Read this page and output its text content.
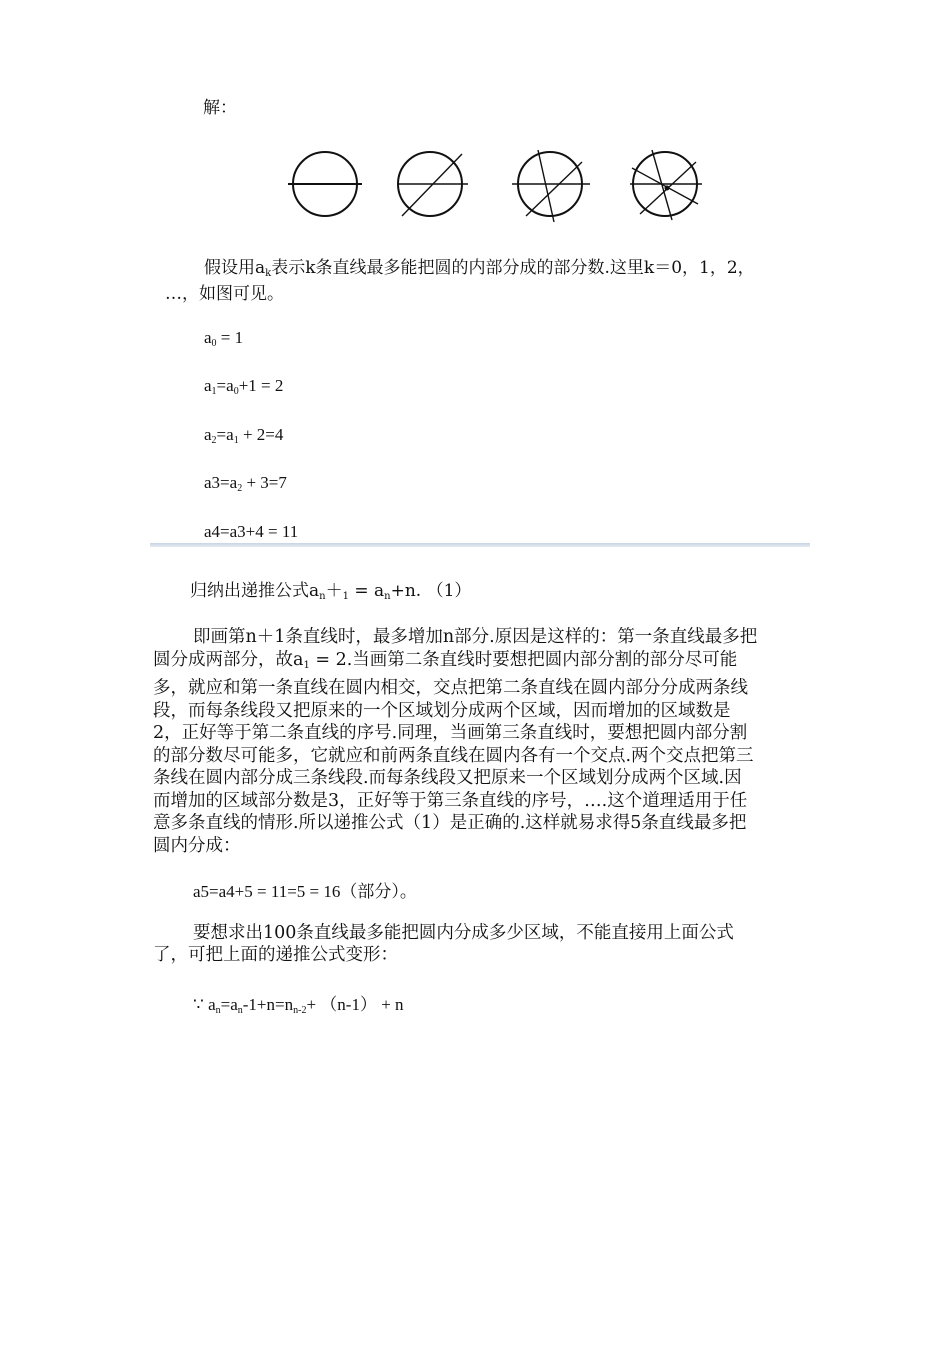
解：
假设用$a_k$表示k条直线最多能把圆的内部分成的部分数.这里k＝0，1，2，
…，如图可见。
$a_0 = 1$
$a_1=a_0+1 = 2$
$a_2=a_1 + 2=4$
$a3=a_2 + 3=7$
a4=a3+4 = 11
归纳出递推公式$a_n+_1 = a_n+n$. （1）
即画第n＋1条直线时，最多增加n部分.原因是这样的：第一条直线最多把
圆分成两部分，故$a_1 = 2$.当画第二条直线时要想把圆内部分割的部分尽可能
多，就应和第一条直线在圆内相交，交点把第二条直线在圆内部分分成两条线
段，而每条线段又把原来的一个区域划分成两个区域，因而增加的区域数是
2，正好等于第二条直线的序号.同理，当画第三条直线时，要想把圆内部分割
的部分数尽可能多，它就应和前两条直线在圆内各有一个交点.两个交点把第三
条线在圆内部分成三条线段.而每条线段又把原来一个区域划分成两个区域.因
而增加的区域部分数是3，正好等于第三条直线的序号，….这个道理适用于任
意多条直线的情形.所以递推公式（1）是正确的.这样就易求得5条直线最多把
圆内分成：
a5=a4+5 = 11=5 = 16（部分）。
要想求出100条直线最多能把圆内分成多少区域，不能直接用上面公式
了，可把上面的递推公式变形：
∵ $a_n=a_n-1+n=n_{n-2}+ (n-1) + n$
